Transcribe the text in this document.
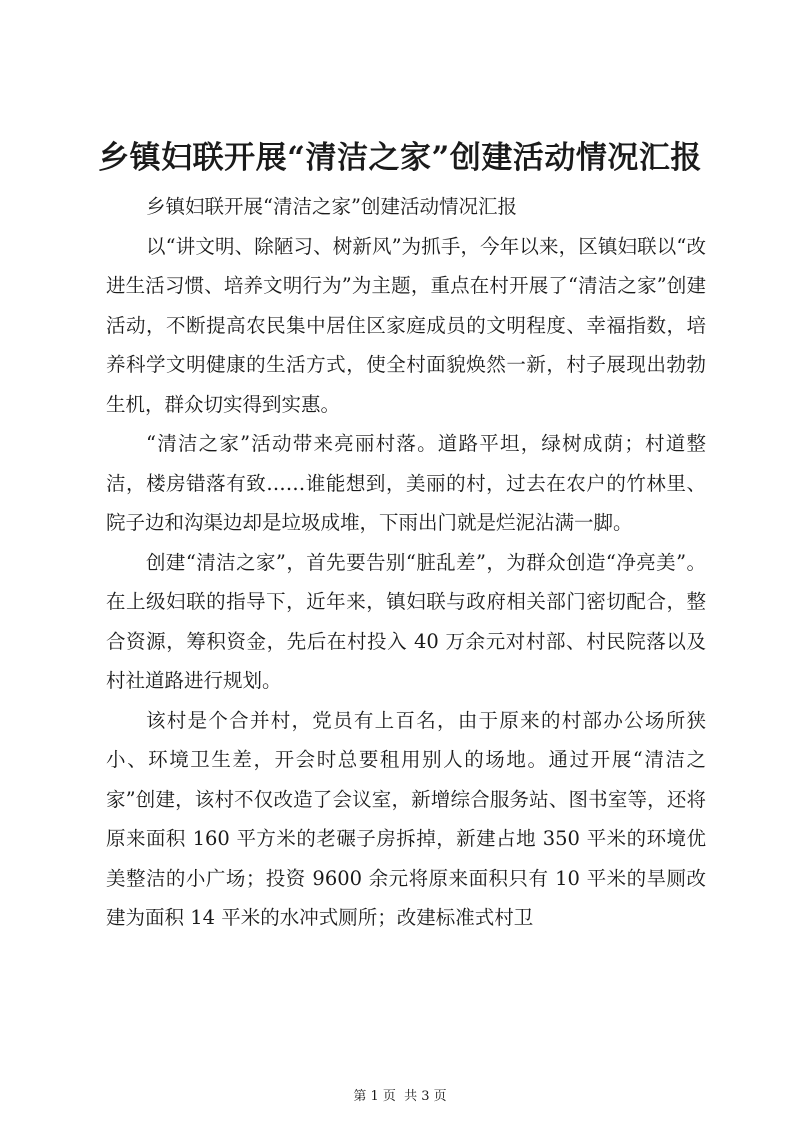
乡镇妇联开展“清洁之家”创建活动情况汇报

乡镇妇联开展“清洁之家”创建活动情况汇报

以“讲文明、除陋习、树新风”为抓手，今年以来，区镇妇联以“改进生活习惯、培养文明行为”为主题，重点在村开展了“清洁之家”创建活动，不断提高农民集中居住区家庭成员的文明程度、幸福指数，培养科学文明健康的生活方式，使全村面貌焕然一新，村子展现出勃勃生机，群众切实得到实惠。

“清洁之家”活动带来亮丽村落。道路平坦，绿树成荫；村道整洁，楼房错落有致……谁能想到，美丽的村，过去在农户的竹林里、院子边和沟渠边却是垃圾成堆，下雨出门就是烂泥沾满一脚。

创建“清洁之家”，首先要告别“脏乱差”，为群众创造“净亮美”。在上级妇联的指导下，近年来，镇妇联与政府相关部门密切配合，整合资源，筹积资金，先后在村投入 40 万余元对村部、村民院落以及村社道路进行规划。

该村是个合并村，党员有上百名，由于原来的村部办公场所狭小、环境卫生差，开会时总要租用别人的场地。通过开展“清洁之家”创建，该村不仅改造了会议室，新增综合服务站、图书室等，还将原来面积 160 平方米的老碾子房拆掉，新建占地 350 平米的环境优美整洁的小广场；投资 9600 余元将原来面积只有 10 平米的旱厕改建为面积 14 平米的水冲式厕所；改建标准式村卫

第 1 页 共 3 页
